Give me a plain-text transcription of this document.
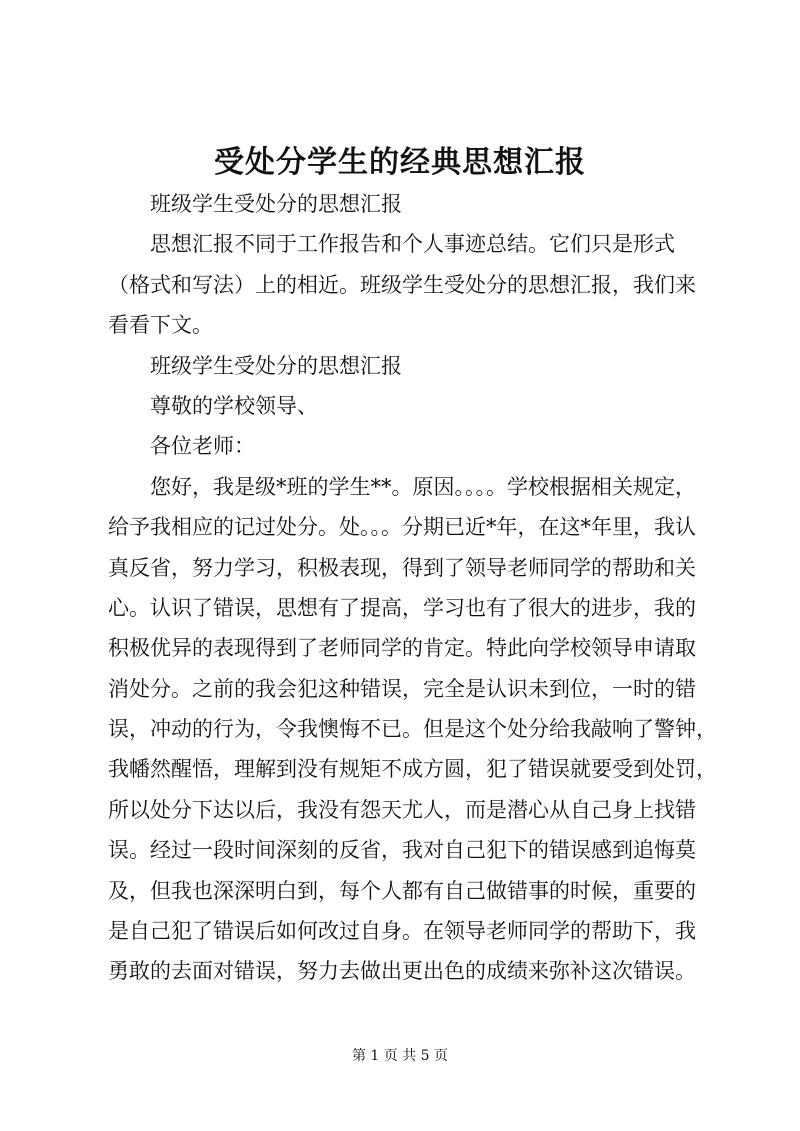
受处分学生的经典思想汇报
班级学生受处分的思想汇报
思想汇报不同于工作报告和个人事迹总结。它们只是形式
（格式和写法）上的相近。班级学生受处分的思想汇报，我们来
看看下文。
班级学生受处分的思想汇报
尊敬的学校领导、
各位老师：
您好，我是级*班的学生**。原因。。。。学校根据相关规定，
给予我相应的记过处分。处。。。分期已近*年，在这*年里，我认
真反省，努力学习，积极表现，得到了领导老师同学的帮助和关
心。认识了错误，思想有了提高，学习也有了很大的进步，我的
积极优异的表现得到了老师同学的肯定。特此向学校领导申请取
消处分。之前的我会犯这种错误，完全是认识未到位，一时的错
误，冲动的行为，令我懊悔不已。但是这个处分给我敲响了警钟，
我幡然醒悟，理解到没有规矩不成方圆，犯了错误就要受到处罚，
所以处分下达以后，我没有怨天尤人，而是潜心从自己身上找错
误。经过一段时间深刻的反省，我对自己犯下的错误感到追悔莫
及，但我也深深明白到，每个人都有自己做错事的时候，重要的
是自己犯了错误后如何改过自身。在领导老师同学的帮助下，我
勇敢的去面对错误，努力去做出更出色的成绩来弥补这次错误。
第 1 页 共 5 页
